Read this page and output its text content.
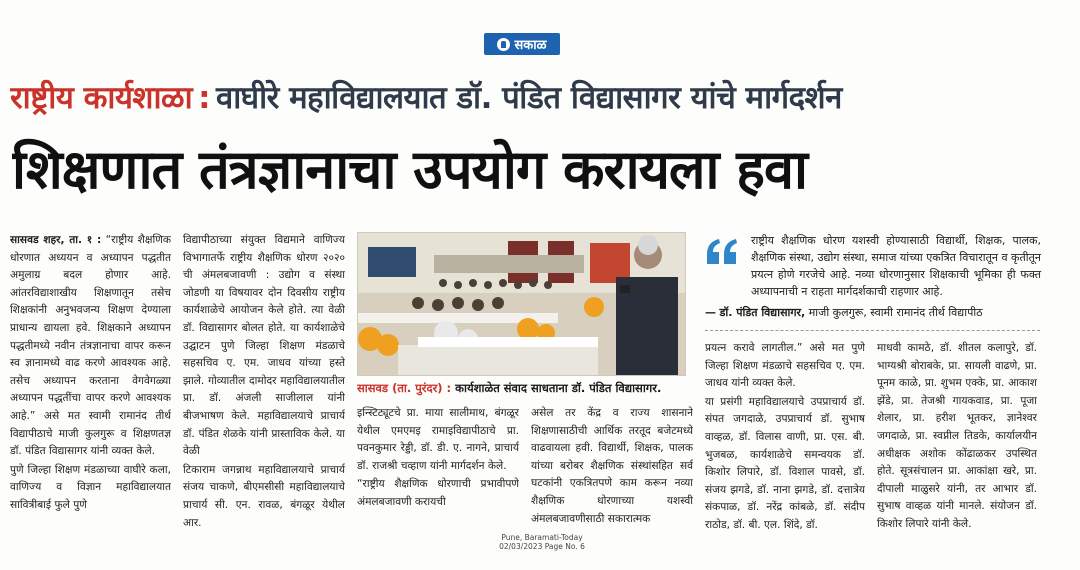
सकाळ
राष्ट्रीय कार्यशाळा : वाघीरे महाविद्यालयात डॉ. पंडित विद्यासागर यांचे मार्गदर्शन
शिक्षणात तंत्रज्ञानाचा उपयोग करायला हवा

सासवड शहर, ता. १ : “राष्ट्रीय शैक्षणिक धोरणात अध्ययन व अध्यापन पद्धतीत अमुलाग्र बदल होणार आहे. आंतरविद्याशाखीय शिक्षणातून तसेच शिक्षकांनी अनुभवजन्य शिक्षण देण्याला प्राधान्य द्यायला हवे. शिक्षकाने अध्यापन पद्धतीमध्ये नवीन तंत्रज्ञानाचा वापर करून स्व ज्ञानामध्ये वाढ करणे आवश्यक आहे. तसेच अध्यापन करताना वेगवेगळ्या अध्यापन पद्धतींचा वापर करणे आवश्यक आहे.” असे मत स्वामी रामानंद तीर्थ विद्यापीठाचे माजी कुलगुरू व शिक्षणतज्ञ डॉ. पंडित विद्यासागर यांनी व्यक्त केले.

पुणे जिल्हा शिक्षण मंडळाच्या वाघीरे कला, वाणिज्य व विज्ञान महाविद्यालयात सावित्रीबाई फुले पुणे

विद्यापीठाच्या संयुक्त विद्यमाने वाणिज्य विभागातर्फे राष्ट्रीय शैक्षणिक धोरण २०२० ची अंमलबजावणी : उद्योग व संस्था जोडणी या विषयावर दोन दिवसीय राष्ट्रीय कार्यशाळेचे आयोजन केले होते. त्या वेळी डॉ. विद्यासागर बोलत होते. या कार्यशाळेचे उद्घाटन पुणे जिल्हा शिक्षण मंडळाचे सहसचिव ए. एम. जाधव यांच्या हस्ते झाले. गोव्यातील दामोदर महाविद्यालयातील प्रा. डॉ. अंजली साजीलाल यांनी बीजभाषण केले. महाविद्यालयाचे प्राचार्य डॉ. पंडित शेळके यांनी प्रास्ताविक केले. या वेळी

टिकाराम जगन्नाथ महाविद्यालयाचे प्राचार्य संजय चाकणे, बीएमसीसी महाविद्यालयाचे प्राचार्य सी. एन. रावळ, बंगळूर येथील आर.

सासवड (ता. पुरंदर) : कार्यशाळेत संवाद साधताना डॉ. पंडित विद्यासागर.

इन्स्टिट्यूटचे प्रा. माया सालीमाथ, बंगळूर येथील एमएमइ रामाइविद्यापीठाचे प्रा. पवनकुमार रेड्डी, डॉ. डी. ए. नागने, प्राचार्य डॉ. राजश्री चव्हाण यांनी मार्गदर्शन केले.

“राष्ट्रीय शैक्षणिक धोरणाची प्रभावीपणे अंमलबजावणी करायची

असेल तर केंद्र व राज्य शासनाने शिक्षणासाठीची आर्थिक तरतूद बजेटमध्ये वाढवायला हवी. विद्यार्थी, शिक्षक, पालक यांच्या बरोबर शैक्षणिक संस्थांसहित सर्व घटकांनी एकत्रितपणे काम करून नव्या शैक्षणिक धोरणाच्या यशस्वी अंमलबजावणीसाठी सकारात्मक

राष्ट्रीय शैक्षणिक धोरण यशस्वी होण्यासाठी विद्यार्थी, शिक्षक, पालक, शैक्षणिक संस्था, उद्योग संस्था, समाज यांच्या एकत्रित विचारातून व कृतीतून प्रयत्न होणे गरजेचे आहे. नव्या धोरणानुसार शिक्षकाची भूमिका ही फक्त अध्यापनाची न राहता मार्गदर्शकाची राहणार आहे.
— डॉ. पंडित विद्यासागर, माजी कुलगुरू, स्वामी रामानंद तीर्थ विद्यापीठ

प्रयत्न करावे लागतील.” असे मत पुणे जिल्हा शिक्षण मंडळाचे सहसचिव ए. एम. जाधव यांनी व्यक्त केले.

या प्रसंगी महाविद्यालयाचे उपप्राचार्य डॉ. संपत जगदाळे, उपप्राचार्य डॉ. सुभाष वाव्हळ, डॉ. विलास वाणी, प्रा. एस. बी. भुजबळ, कार्यशाळेचे समन्वयक डॉ. किशोर लिपारे, डॉ. विशाल पावसे, डॉ. संजय झगडे, डॉ. नाना झगडे, डॉ. दत्तात्रेय संकपाळ, डॉ. नरेंद्र कांबळे, डॉ. संदीप राठोड, डॉ. बी. एल. शिंदे, डॉ.

माधवी कामठे, डॉ. शीतल कलापुरे, डॉ. भाग्यश्री बोराबके, प्रा. सायली वाढणे, प्रा. पूनम काळे, प्रा. शुभम एक्के, प्रा. आकाश झेंडे, प्रा. तेजश्री गायकवाड, प्रा. पूजा शेलार, प्रा. हरीश भूतकर, ज्ञानेश्वर जगदाळे, प्रा. स्वप्नील तिडके, कार्यालयीन अधीक्षक अशोक कोंढाळकर उपस्थित होते. सूत्रसंचालन प्रा. आकांक्षा खरे, प्रा. दीपाली माळुसरे यांनी, तर आभार डॉ. सुभाष वाव्हळ यांनी मानले. संयोजन डॉ. किशोर लिपारे यांनी केले.

Pune, Baramati-Today
02/03/2023 Page No. 6
